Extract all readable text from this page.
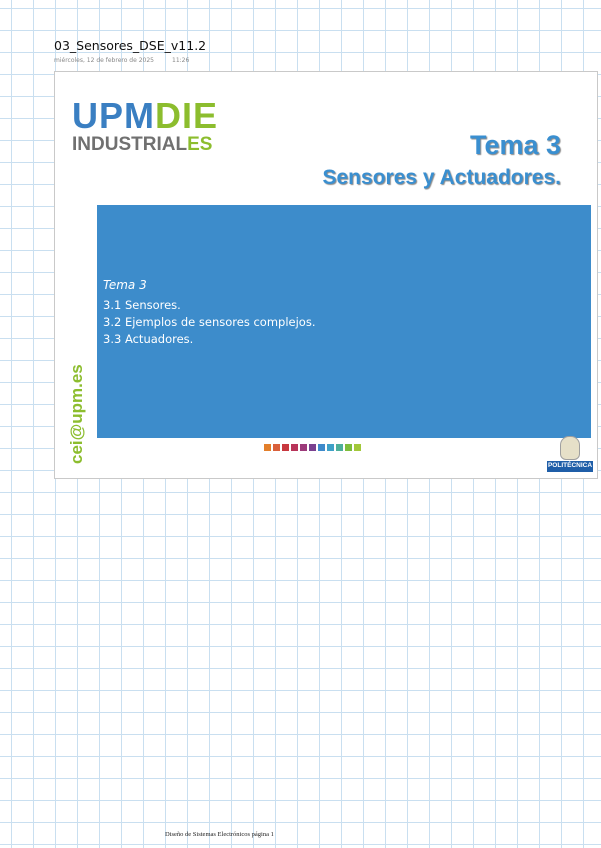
03_Sensores_DSE_v11.2
miércoles, 12 de febrero de 2025	11:26
UPMDIE
INDUSTRIALES	Tema 3
Sensores y Actuadores.
Tema 3
3.1 Sensores.
3.2 Ejemplos de sensores complejos.
3.3 Actuadores.
cei@upm.es
POLITÉCNICA
Diseño de Sistemas Electrónicos página 1
